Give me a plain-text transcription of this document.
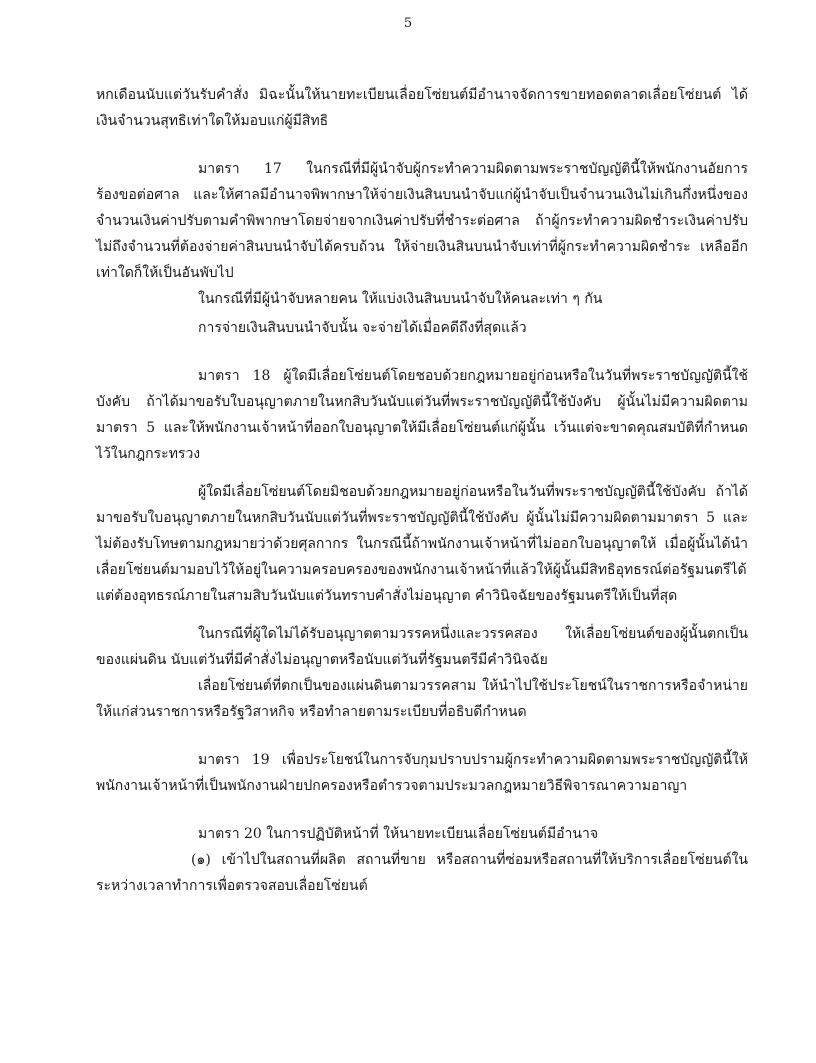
5

หกเดือนนับแต่วันรับคำสั่ง มิฉะนั้นให้นายทะเบียนเลื่อยโซ่ยนต์มีอำนาจจัดการขายทอดตลาดเลื่อยโซ่ยนต์ ได้เงินจำนวนสุทธิเท่าใดให้มอบแก่ผู้มีสิทธิ

มาตรา 17 ในกรณีที่มีผู้นำจับผู้กระทำความผิดตามพระราชบัญญัตินี้ให้พนักงานอัยการร้องขอต่อศาล และให้ศาลมีอำนาจพิพากษาให้จ่ายเงินสินบนนำจับแก่ผู้นำจับเป็นจำนวนเงินไม่เกินกึ่งหนึ่งของจำนวนเงินค่าปรับตามคำพิพากษาโดยจ่ายจากเงินค่าปรับที่ชำระต่อศาล ถ้าผู้กระทำความผิดชำระเงินค่าปรับไม่ถึงจำนวนที่ต้องจ่ายค่าสินบนนำจับได้ครบถ้วน ให้จ่ายเงินสินบนนำจับเท่าที่ผู้กระทำความผิดชำระ เหลืออีกเท่าใดก็ให้เป็นอันพับไป

ในกรณีที่มีผู้นำจับหลายคน ให้แบ่งเงินสินบนนำจับให้คนละเท่า ๆ กัน

การจ่ายเงินสินบนนำจับนั้น จะจ่ายได้เมื่อคดีถึงที่สุดแล้ว

มาตรา 18 ผู้ใดมีเลื่อยโซ่ยนต์โดยชอบด้วยกฎหมายอยู่ก่อนหรือในวันที่พระราชบัญญัตินี้ใช้บังคับ ถ้าได้มาขอรับใบอนุญาตภายในหกสิบวันนับแต่วันที่พระราชบัญญัตินี้ใช้บังคับ ผู้นั้นไม่มีความผิดตามมาตรา 5 และให้พนักงานเจ้าหน้าที่ออกใบอนุญาตให้มีเลื่อยโซ่ยนต์แก่ผู้นั้น เว้นแต่จะขาดคุณสมบัติที่กำหนดไว้ในกฎกระทรวง

ผู้ใดมีเลื่อยโซ่ยนต์โดยมิชอบด้วยกฎหมายอยู่ก่อนหรือในวันที่พระราชบัญญัตินี้ใช้บังคับ ถ้าได้มาขอรับใบอนุญาตภายในหกสิบวันนับแต่วันที่พระราชบัญญัตินี้ใช้บังคับ ผู้นั้นไม่มีความผิดตามมาตรา 5 และไม่ต้องรับโทษตามกฎหมายว่าด้วยศุลกากร ในกรณีนี้ถ้าพนักงานเจ้าหน้าที่ไม่ออกใบอนุญาตให้ เมื่อผู้นั้นได้นำเลื่อยโซ่ยนต์มามอบไว้ให้อยู่ในความครอบครองของพนักงานเจ้าหน้าที่แล้วให้ผู้นั้นมีสิทธิอุทธรณ์ต่อรัฐมนตรีได้ แต่ต้องอุทธรณ์ภายในสามสิบวันนับแต่วันทราบคำสั่งไม่อนุญาต คำวินิจฉัยของรัฐมนตรีให้เป็นที่สุด

ในกรณีที่ผู้ใดไม่ได้รับอนุญาตตามวรรคหนึ่งและวรรคสอง ให้เลื่อยโซ่ยนต์ของผู้นั้นตกเป็นของแผ่นดิน นับแต่วันที่มีคำสั่งไม่อนุญาตหรือนับแต่วันที่รัฐมนตรีมีคำวินิจฉัย

เลื่อยโซ่ยนต์ที่ตกเป็นของแผ่นดินตามวรรคสาม ให้นำไปใช้ประโยชน์ในราชการหรือจำหน่ายให้แก่ส่วนราชการหรือรัฐวิสาหกิจ หรือทำลายตามระเบียบที่อธิบดีกำหนด

มาตรา 19 เพื่อประโยชน์ในการจับกุมปราบปรามผู้กระทำความผิดตามพระราชบัญญัตินี้ให้พนักงานเจ้าหน้าที่เป็นพนักงานฝ่ายปกครองหรือตำรวจตามประมวลกฎหมายวิธีพิจารณาความอาญา

มาตรา 20 ในการปฏิบัติหน้าที่ ให้นายทะเบียนเลื่อยโซ่ยนต์มีอำนาจ

(๑) เข้าไปในสถานที่ผลิต สถานที่ขาย หรือสถานที่ซ่อมหรือสถานที่ให้บริการเลื่อยโซ่ยนต์ในระหว่างเวลาทำการเพื่อตรวจสอบเลื่อยโซ่ยนต์
